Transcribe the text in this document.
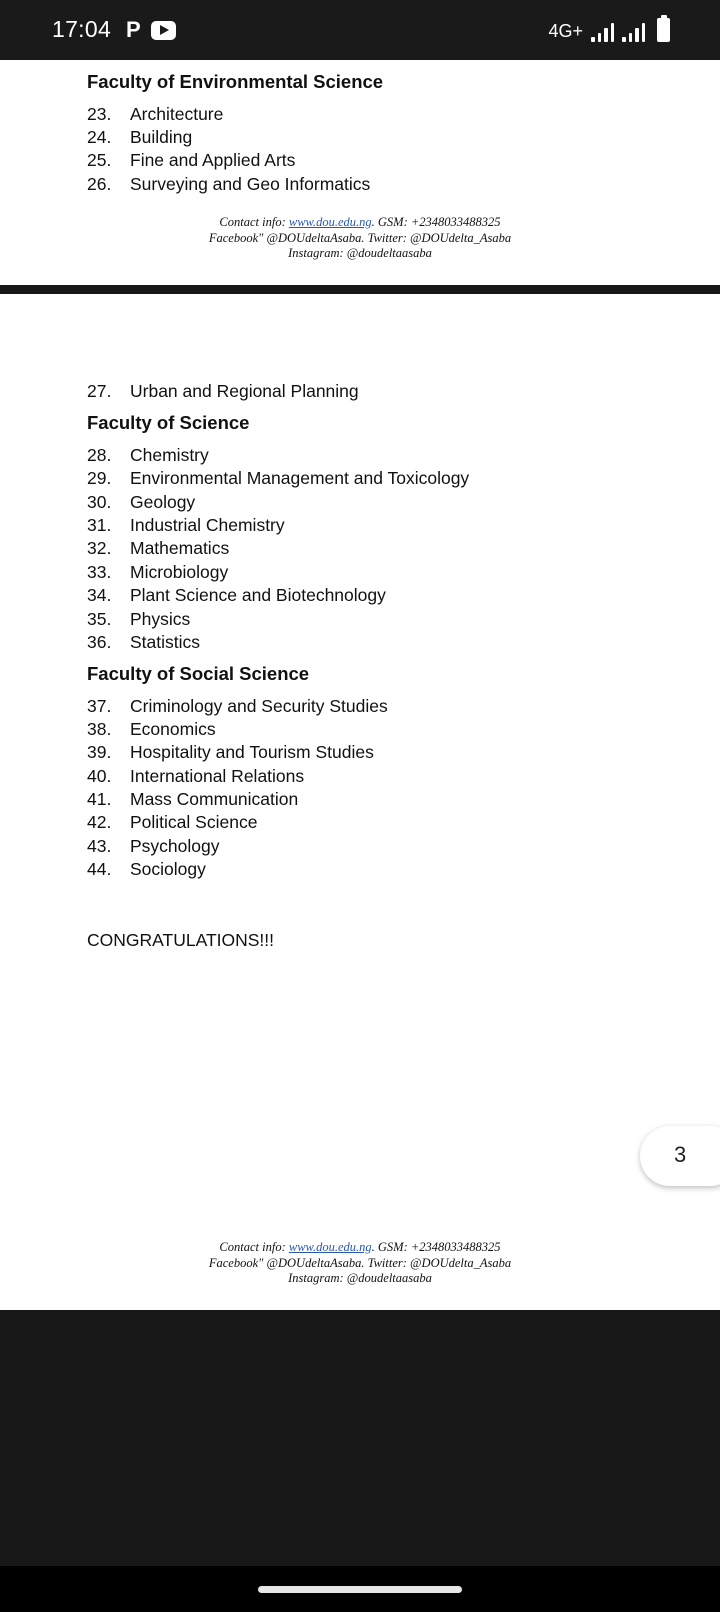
17:04 P	4G+
Faculty of Environmental Science
23. Architecture
24. Building
25. Fine and Applied Arts
26. Surveying and Geo Informatics
Contact info: www.dou.edu.ng. GSM: +2348033488325
Facebook" @DOUdeltaAsaba. Twitter: @DOUdelta_Asaba
Instagram: @doudeltaasaba
27. Urban and Regional Planning
Faculty of Science
28. Chemistry
29. Environmental Management and Toxicology
30. Geology
31. Industrial Chemistry
32. Mathematics
33. Microbiology
34. Plant Science and Biotechnology
35. Physics
36. Statistics
Faculty of Social Science
37. Criminology and Security Studies
38. Economics
39. Hospitality and Tourism Studies
40. International Relations
41. Mass Communication
42. Political Science
43. Psychology
44. Sociology
CONGRATULATIONS!!!
Contact info: www.dou.edu.ng. GSM: +2348033488325
Facebook" @DOUdeltaAsaba. Twitter: @DOUdelta_Asaba
Instagram: @doudeltaasaba
3
